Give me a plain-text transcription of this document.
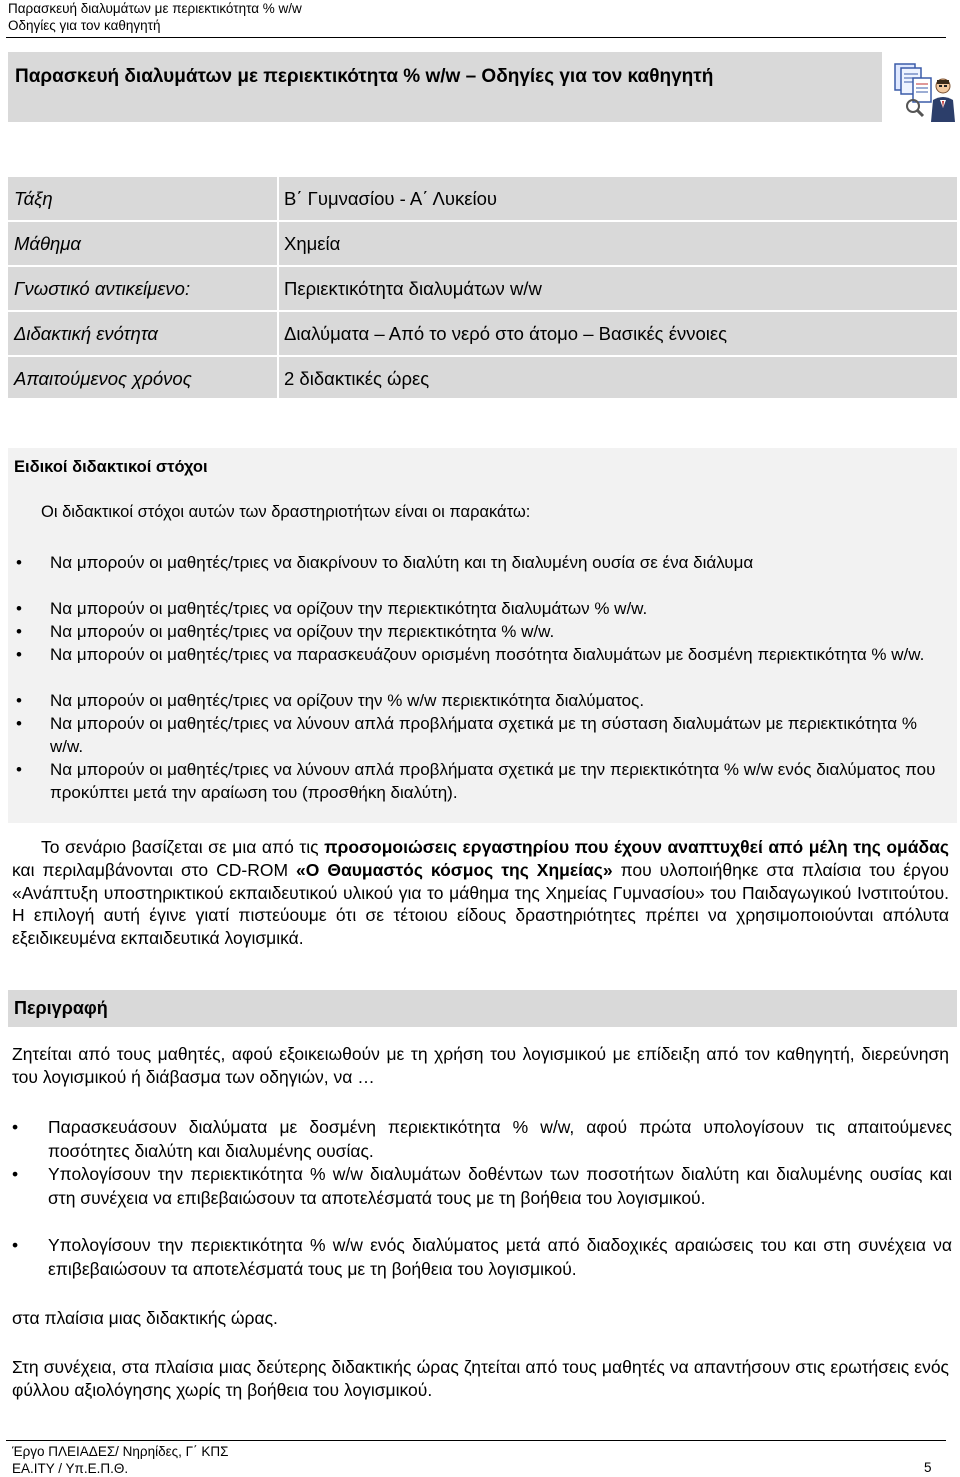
Παρασκευή διαλυμάτων με περιεκτικότητα % w/w
Οδηγίες για τον καθηγητή
Παρασκευή διαλυμάτων με περιεκτικότητα % w/w – Οδηγίες για τον καθηγητή
Τάξη	Β΄ Γυμνασίου - Α΄ Λυκείου
Μάθημα	Χημεία
Γνωστικό αντικείμενο:	Περιεκτικότητα διαλυμάτων w/w
Διδακτική ενότητα	Διαλύματα – Από το νερό στο άτομο – Βασικές έννοιες
Απαιτούμενος χρόνος	2 διδακτικές ώρες
Ειδικοί διδακτικοί στόχοι
Οι διδακτικοί στόχοι αυτών των δραστηριοτήτων είναι οι παρακάτω:
• Να μπορούν οι μαθητές/τριες να διακρίνουν το διαλύτη και τη διαλυμένη ουσία σε ένα διάλυμα
• Να μπορούν οι μαθητές/τριες να ορίζουν την περιεκτικότητα διαλυμάτων % w/w.
• Να μπορούν οι μαθητές/τριες να ορίζουν την περιεκτικότητα % w/w.
• Να μπορούν οι μαθητές/τριες να παρασκευάζουν ορισμένη ποσότητα διαλυμάτων με δοσμένη περιεκτικότητα % w/w.
• Να μπορούν οι μαθητές/τριες να ορίζουν την % w/w περιεκτικότητα διαλύματος.
• Να μπορούν οι μαθητές/τριες να λύνουν απλά προβλήματα σχετικά με τη σύσταση διαλυμάτων με περιεκτικότητα % w/w.
• Να μπορούν οι μαθητές/τριες να λύνουν απλά προβλήματα σχετικά με την περιεκτικότητα % w/w ενός διαλύματος που προκύπτει μετά την αραίωση του (προσθήκη διαλύτη).
Το σενάριο βασίζεται σε μια από τις προσομοιώσεις εργαστηρίου που έχουν αναπτυχθεί από μέλη της ομάδας και περιλαμβάνονται στο CD-ROM «Ο Θαυμαστός κόσμος της Χημείας» που υλοποιήθηκε στα πλαίσια του έργου «Ανάπτυξη υποστηρικτικού εκπαιδευτικού υλικού για το μάθημα της Χημείας Γυμνασίου» του Παιδαγωγικού Ινστιτούτου. Η επιλογή αυτή έγινε γιατί πιστεύουμε ότι σε τέτοιου είδους δραστηριότητες πρέπει να χρησιμοποιούνται απόλυτα εξειδικευμένα εκπαιδευτικά λογισμικά.
Περιγραφή
Ζητείται από τους μαθητές, αφού εξοικειωθούν με τη χρήση του λογισμικού με επίδειξη από τον καθηγητή, διερεύνηση του λογισμικού ή διάβασμα των οδηγιών, να …
• Παρασκευάσουν διαλύματα με δοσμένη περιεκτικότητα % w/w, αφού πρώτα υπολογίσουν τις απαιτούμενες ποσότητες διαλύτη και διαλυμένης ουσίας.
• Υπολογίσουν την περιεκτικότητα % w/w διαλυμάτων δοθέντων των ποσοτήτων διαλύτη και διαλυμένης ουσίας και στη συνέχεια να επιβεβαιώσουν τα αποτελέσματά τους με τη βοήθεια του λογισμικού.
• Υπολογίσουν την περιεκτικότητα % w/w ενός διαλύματος μετά από διαδοχικές αραιώσεις του και στη συνέχεια να επιβεβαιώσουν τα αποτελέσματά τους με τη βοήθεια του λογισμικού.
στα πλαίσια μιας διδακτικής ώρας.
Στη συνέχεια, στα πλαίσια μιας δεύτερης διδακτικής ώρας ζητείται από τους μαθητές να απαντήσουν στις ερωτήσεις ενός φύλλου αξιολόγησης χωρίς τη βοήθεια του λογισμικού.
Έργο ΠΛΕΙΑΔΕΣ/ Νηρηίδες, Γ΄ ΚΠΣ
ΕΑ.ΙΤΥ / Υπ.Ε.Π.Θ.	5
